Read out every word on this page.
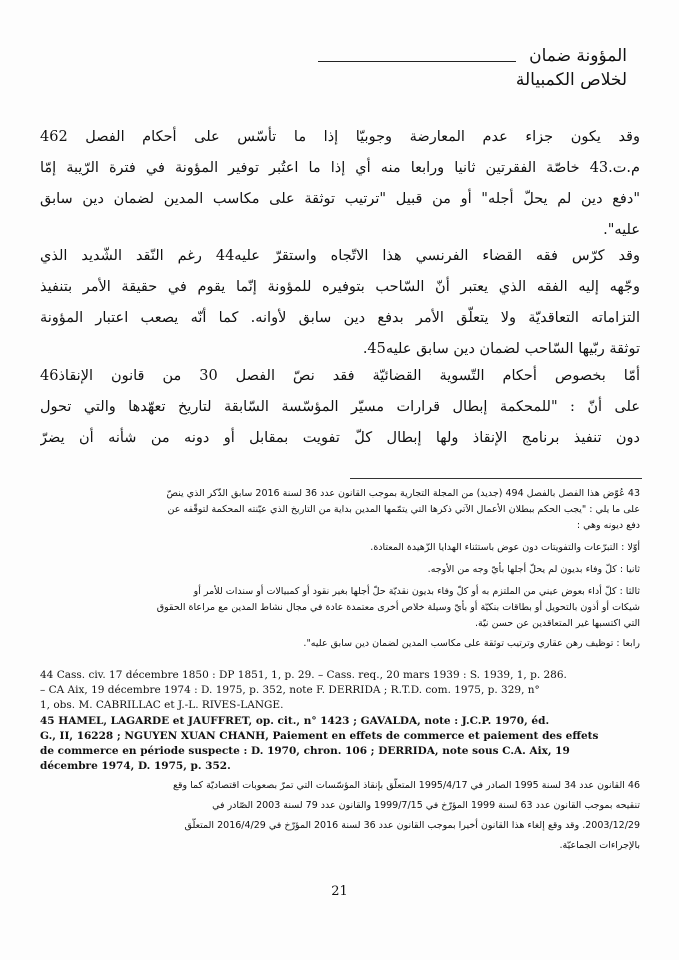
المؤونة ضمان
لخلاص الكمبيالة
وقد يكون جزاء عدم المعارضة وجوبيّا إذا ما تأسّس على أحكام الفصل 462
م.ت.43 خاصّة الفقرتين ثانيا ورابعا منه أي إذا ما اعتُبر توفير المؤونة في فترة الرّيبة إمّا
"دفع دين لم يحلّ أجله" أو من قبيل "ترتيب توثقة على مكاسب المدين لضمان دين سابق
عليه".
وقد كرّس فقه القضاء الفرنسي هذا الاتّجاه واستقرّ عليه44 رغم النّقد الشّديد الذي
وجّهه إليه الفقه الذي يعتبر أنّ السّاحب بتوفيره للمؤونة إنّما يقوم في حقيقة الأمر بتنفيذ
التزاماته التعاقديّة ولا يتعلّق الأمر بدفع دين سابق لأوانه. كما أنّه يصعب اعتبار المؤونة
توثقة ربّيها السّاحب لضمان دين سابق عليه45.
أمّا بخصوص أحكام التّسوية القضائيّة فقد نصّ الفصل 30 من قانون الإنقاذ46
على أنّ : "للمحكمة إبطال قرارات مسيّر المؤسّسة السّابقة لتاريخ تعهّدها والتي تحول
دون تنفيذ برنامج الإنقاذ ولها إبطال كلّ تفويت بمقابل أو دونه من شأنه أن يضرّ
43 عُوّض هذا الفصل بالفصل 494 (جديد) من المجلة التجارية بموجب القانون عدد 36 لسنة 2016 سابق الذّكر الذي ينصّ
على ما يلي : "يجب الحكم ببطلان الأعمال الآتي ذكرها التي يتمّمها المدين بداية من التاريخ الذي عيّنته المحكمة لتوقّفه عن
دفع ديونه وهي :
أوّلا : التبرّعات والتفويتات دون عوض باستثناء الهدايا الزّهيدة المعتادة.
ثانيا : كلّ وفاء بديون لم يحلّ أجلها بأيّ وجه من الأوجه.
ثالثا : كلّ أداء بعوض عيني من الملتزم به أو كلّ وفاء بديون نقديّة حلّ أجلها بغير نقود أو كمبيالات أو سندات للأمر أو
شيكات أو أذون بالتحويل أو بطاقات بنكيّة أو بأيّ وسيلة خلاص أخرى معتمدة عادة في مجال نشاط المدين مع مراعاة الحقوق
التي اكتسبها غير المتعاقدين عن حسن نيّة.
رابعا : توظيف رهن عقاري وترتيب توثقة على مكاسب المدين لضمان دين سابق عليه".
44 Cass. civ. 17 décembre 1850 : DP 1851, 1, p. 29. – Cass. req., 20 mars 1939 : S. 1939, 1, p. 286.
– CA Aix, 19 décembre 1974 : D. 1975, p. 352, note F. DERRIDA ; R.T.D. com. 1975, p. 329, n°
1, obs. M. CABRILLAC et J.-L. RIVES-LANGE.
45 HAMEL, LAGARDE et JAUFFRET, op. cit., n° 1423 ; GAVALDA, note : J.C.P. 1970, éd.
G., II, 16228 ; NGUYEN XUAN CHANH, Paiement en effets de commerce et paiement des effets
de commerce en période suspecte : D. 1970, chron. 106 ; DERRIDA, note sous C.A. Aix, 19
décembre 1974, D. 1975, p. 352.
46 القانون عدد 34 لسنة 1995 الصادر في 1995/4/17 المتعلّق بإنقاذ المؤسّسات التي تمرّ بصعوبات اقتصاديّة كما وقع
تنقيحه بموجب القانون عدد 63 لسنة 1999 المؤرّخ في 1999/7/15 والقانون عدد 79 لسنة 2003 الصّادر في
2003/12/29. وقد وقع إلغاء هذا القانون أخيرا بموجب القانون عدد 36 لسنة 2016 المؤرّخ في 2016/4/29 المتعلّق
بالإجراءات الجماعيّة.
21
